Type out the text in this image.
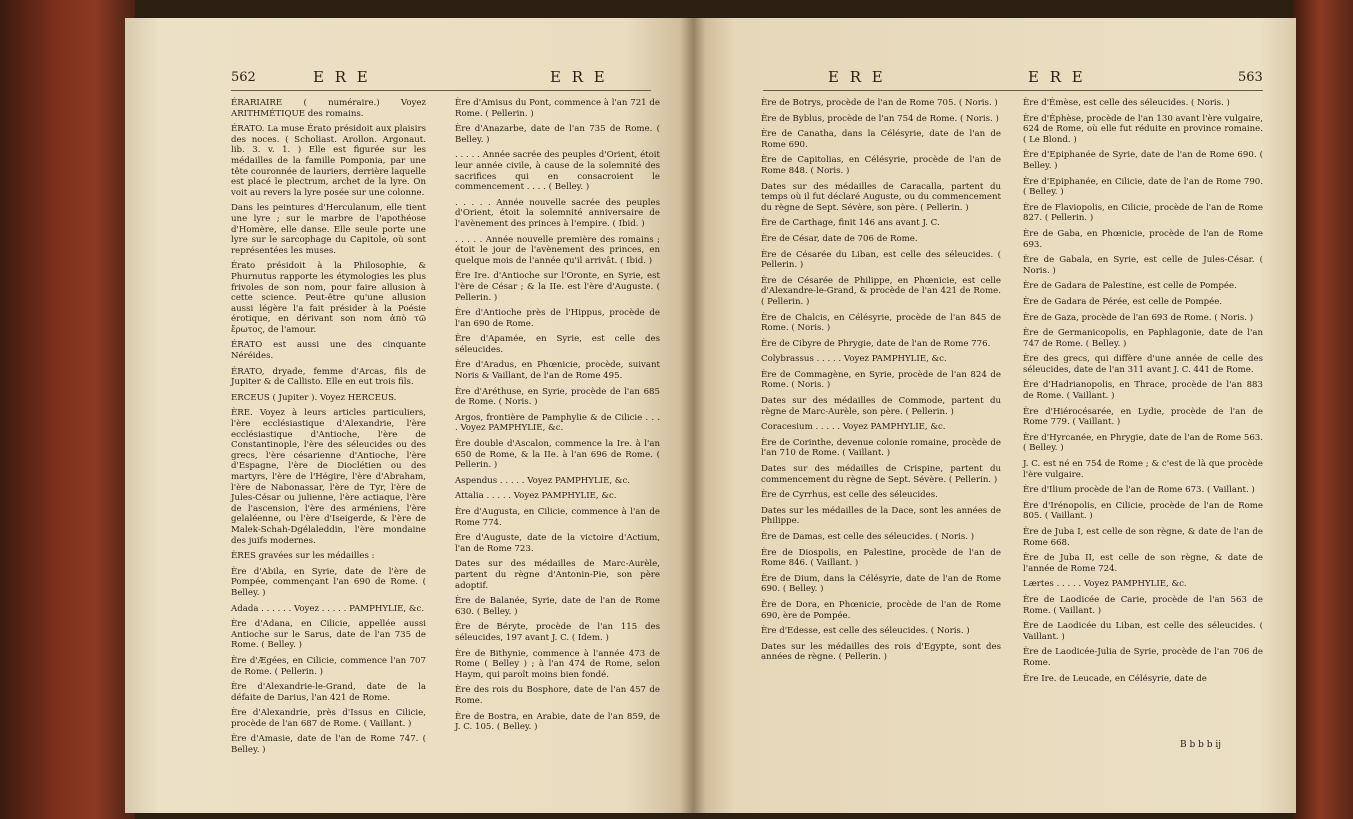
562	E R E	E R E

ÉRARIAIRE ( numéraire.) Voyez ARITHMÉTIQUE des romains.

ÉRATO. La muse Érato présidoit aux plaisirs des noces. ( Scholiast. Arollon. Argonaut. lib. 3. v. 1. ) Elle est figurée sur les médailles de la famille Pomponia, par une tête couronnée de lauriers, derrière laquelle est placé le plectrum, archet de la lyre. On voit au revers la lyre posée sur une colonne.

Dans les peintures d'Herculanum, elle tient une lyre ; sur le marbre de l'apothéose d'Homère, elle danse. Elle seule porte une lyre sur le sarcophage du Capitole, où sont représentées les muses.

Érato présidoit à la Philosophie, & Phurnutus rapporte les étymologies les plus frivoles de son nom, pour faire allusion à cette science. Peut-être qu'une allusion aussi légère l'a fait présider à la Poésie érotique, en dérivant son nom ἀπὸ τῶ ἔρωτος, de l'amour.

ÉRATO est aussi une des cinquante Néréides.

ÉRATO, dryade, femme d'Arcas, fils de Jupiter & de Callisto. Elle en eut trois fils.

ERCEUS ( Jupiter ). Voyez HERCEUS.

ÈRE. Voyez à leurs articles particuliers, l'ère ecclésiastique d'Alexandrie, l'ère ecclésiastique d'Antioche, l'ère de Constantinople, l'ère des séleucides ou des grecs, l'ère césarienne d'Antioche, l'ère d'Espagne, l'ère de Dioclétien ou des martyrs, l'ère de l'Hégire, l'ère d'Abraham, l'ère de Nabonassar, l'ère de Tyr, l'ère de Jules-César ou julienne, l'ère actiaque, l'ère de l'ascension, l'ère des arméniens, l'ère gelaléenne, ou l'ère d'Iseigerde, & l'ère de Malek-Schah-Dgélaleddin, l'ère mondaine des juifs modernes.

ÈRES gravées sur les médailles :

Ère d'Abila, en Syrie, date de l'ère de Pompée, commençant l'an 690 de Rome. ( Belley. )

Adada . . . . . . Voyez . . . . . PAMPHYLIE, &c.

Ère d'Adana, en Cilicie, appellée aussi Antioche sur le Sarus, date de l'an 735 de Rome. ( Belley. )

Ère d'Ægées, en Cilicie, commence l'an 707 de Rome. ( Pellerin. )

Ère d'Alexandrie-le-Grand, date de la défaite de Darius, l'an 421 de Rome.

Ère d'Alexandrie, près d'Issus en Cilicie, procède de l'an 687 de Rome. ( Vaillant. )

Ère d'Amasie, date de l'an de Rome 747. ( Belley. )

Ère d'Amisus du Pont, commence à l'an 721 de Rome. ( Pellerin. )

Ère d'Anazarbe, date de l'an 735 de Rome. ( Belley. )

. . . . . Année sacrée des peuples d'Orient, étoit leur année civile, à cause de la solemnité des sacrifices qui en consacroient le commencement . . . . ( Belley. )

. . . . . Année nouvelle sacrée des peuples d'Orient, étoit la solemnité anniversaire de l'avènement des princes à l'empire. ( Ibid. )

. . . . . Année nouvelle première des romains ; étoit le jour de l'avènement des princes, en quelque mois de l'année qu'il arrivât. ( Ibid. )

Ère Ire. d'Antioche sur l'Oronte, en Syrie, est l'ère de César ; & la IIe. est l'ère d'Auguste. ( Pellerin. )

Ère d'Antioche près de l'Hippus, procède de l'an 690 de Rome.

Ère d'Apamée, en Syrie, est celle des séleucides.

Ère d'Aradus, en Phœnicie, procède, suivant Noris & Vaillant, de l'an de Rome 495.

Ère d'Aréthuse, en Syrie, procède de l'an 685 de Rome. ( Noris. )

Argos, frontière de Pamphylie & de Cilicie . . . . Voyez PAMPHYLIE, &c.

Ère double d'Ascalon, commence la Ire. à l'an 650 de Rome, & la IIe. à l'an 696 de Rome. ( Pellerin. )

Aspendus . . . . . Voyez PAMPHYLIE, &c.

Attalia . . . . . Voyez PAMPHYLIE, &c.

Ère d'Augusta, en Cilicie, commence à l'an de Rome 774.

Ère d'Auguste, date de la victoire d'Actium, l'an de Rome 723.

Dates sur des médailles de Marc-Aurèle, partent du règne d'Antonin-Pie, son père adoptif.

Ère de Balanée, Syrie, date de l'an de Rome 630. ( Belley. )

Ère de Béryte, procède de l'an 115 des séleucides, 197 avant J. C. ( Idem. )

Ère de Bithynie, commence à l'année 473 de Rome ( Belley ) ; à l'an 474 de Rome, selon Haym, qui paroît moins bien fondé.

Ère des rois du Bosphore, date de l'an 457 de Rome.

Ère de Bostra, en Arabie, date de l'an 859, de J. C. 105. ( Belley. )

E R E	E R E	563

Ère de Botrys, procède de l'an de Rome 705. ( Noris. )

Ère de Byblus, procède de l'an 754 de Rome. ( Noris. )

Ère de Canatha, dans la Célésyrie, date de l'an de Rome 690.

Ère de Capitolias, en Célésyrie, procède de l'an de Rome 848. ( Noris. )

Dates sur des médailles de Caracalla, partent du temps où il fut déclaré Auguste, ou du commencement du règne de Sept. Sévère, son père. ( Pellerin. )

Ère de Carthage, finit 146 ans avant J. C.

Ère de César, date de 706 de Rome.

Ère de Césarée du Liban, est celle des séleucides. ( Pellerin. )

Ère de Césarée de Philippe, en Phœnicie, est celle d'Alexandre-le-Grand, & procède de l'an 421 de Rome. ( Pellerin. )

Ère de Chalcis, en Célésyrie, procède de l'an 845 de Rome. ( Noris. )

Ère de Cibyre de Phrygie, date de l'an de Rome 776.

Colybrassus . . . . . Voyez PAMPHYLIE, &c.

Ère de Commagène, en Syrie, procède de l'an 824 de Rome. ( Noris. )

Dates sur des médailles de Commode, partent du règne de Marc-Aurèle, son père. ( Pellerin. )

Coracesium . . . . . Voyez PAMPHYLIE, &c.

Ère de Corinthe, devenue colonie romaine, procède de l'an 710 de Rome. ( Vaillant. )

Dates sur des médailles de Crispine, partent du commencement du règne de Sept. Sévère. ( Pellerin. )

Ère de Cyrrhus, est celle des séleucides.

Dates sur les médailles de la Dace, sont les années de Philippe.

Ère de Damas, est celle des séleucides. ( Noris. )

Ère de Diospolis, en Palestine, procède de l'an de Rome 846. ( Vaillant. )

Ère de Dium, dans la Célésyrie, date de l'an de Rome 690. ( Belley. )

Ère de Dora, en Phœnicie, procède de l'an de Rome 690, ère de Pompée.

Ère d'Edesse, est celle des séleucides. ( Noris. )

Dates sur les médailles des rois d'Egypte, sont des années de règne. ( Pellerin. )

Ère d'Émèse, est celle des séleucides. ( Noris. )

Ère d'Éphèse, procède de l'an 130 avant l'ère vulgaire, 624 de Rome, où elle fut réduite en province romaine. ( Le Blond. )

Ère d'Epiphanée de Syrie, date de l'an de Rome 690. ( Belley. )

Ère d'Epiphanée, en Cilicie, date de l'an de Rome 790. ( Belley. )

Ère de Flaviopolis, en Cilicie, procède de l'an de Rome 827. ( Pellerin. )

Ère de Gaba, en Phœnicie, procède de l'an de Rome 693.

Ère de Gabala, en Syrie, est celle de Jules-César. ( Noris. )

Ère de Gadara de Palestine, est celle de Pompée.

Ère de Gadara de Pérée, est celle de Pompée.

Ère de Gaza, procède de l'an 693 de Rome. ( Noris. )

Ère de Germanicopolis, en Paphlagonie, date de l'an 747 de Rome. ( Belley. )

Ère des grecs, qui diffère d'une année de celle des séleucides, date de l'an 311 avant J. C. 441 de Rome.

Ère d'Hadrianopolis, en Thrace, procède de l'an 883 de Rome. ( Vaillant. )

Ère d'Hiérocésarée, en Lydie, procède de l'an de Rome 779. ( Vaillant. )

Ère d'Hyrcanée, en Phrygie, date de l'an de Rome 563. ( Belley. )

J. C. est né en 754 de Rome ; & c'est de là que procède l'ère vulgaire.

Ère d'Ilium procède de l'an de Rome 673. ( Vaillant. )

Ère d'Irénopolis, en Cilicie, procède de l'an de Rome 805. ( Vaillant. )

Ère de Juba I, est celle de son règne, & date de l'an de Rome 668.

Ère de Juba II, est celle de son règne, & date de l'année de Rome 724.

Lærtes . . . . . Voyez PAMPHYLIE, &c.

Ère de Laodicée de Carie, procède de l'an 563 de Rome. ( Vaillant. )

Ère de Laodicée du Liban, est celle des séleucides. ( Vaillant. )

Ère de Laodicée-Julia de Syrie, procède de l'an 706 de Rome.

Ère Ire. de Leucade, en Célésyrie, date de

B b b b ij
